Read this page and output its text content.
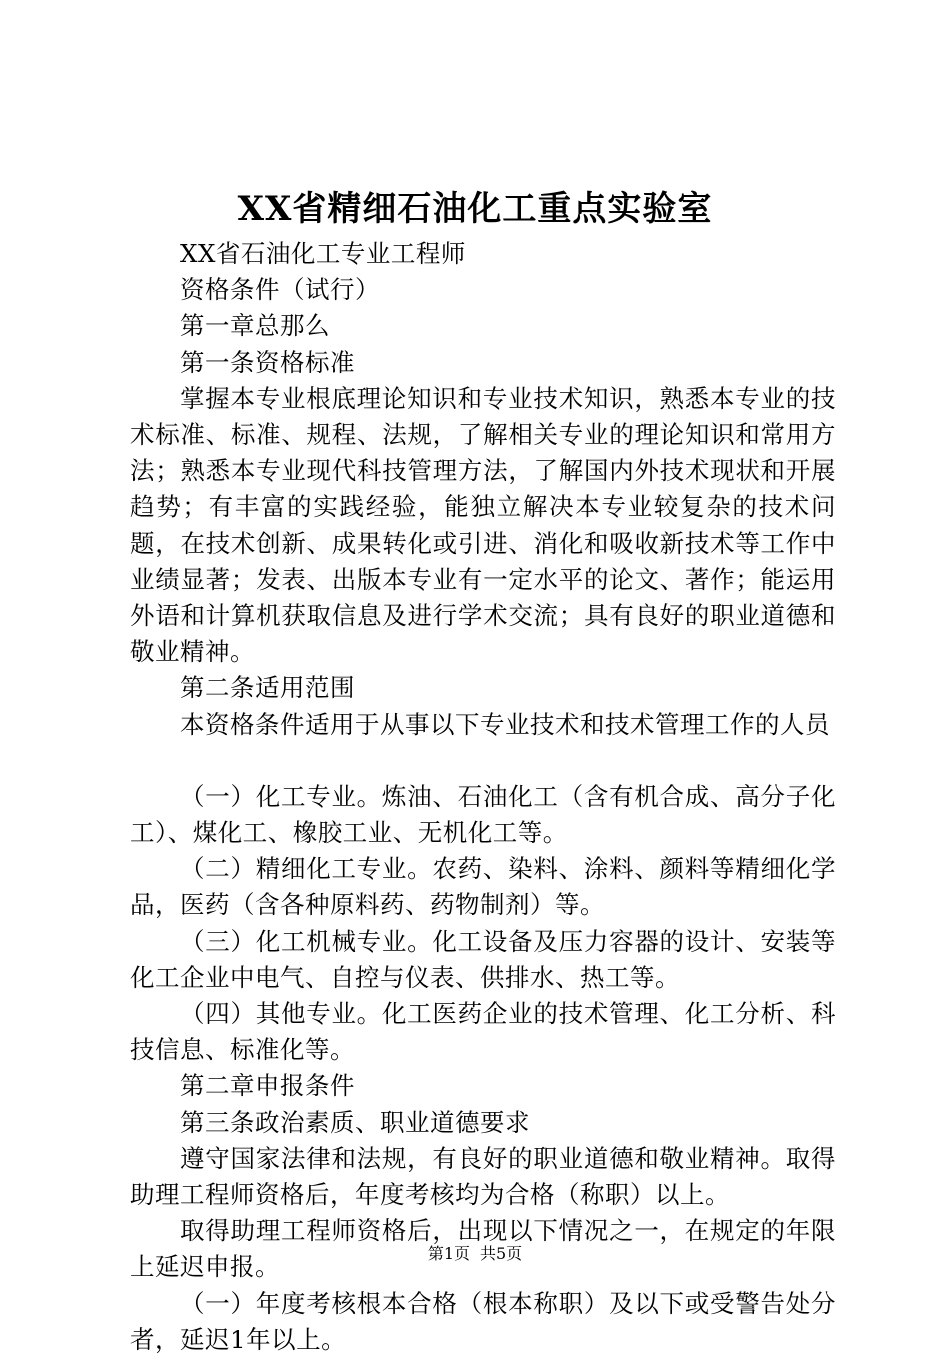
XX省精细石油化工重点实验室

XX省石油化工专业工程师

资格条件（试行）

第一章总那么

第一条资格标准

掌握本专业根底理论知识和专业技术知识，熟悉本专业的技术标准、标准、规程、法规，了解相关专业的理论知识和常用方法；熟悉本专业现代科技管理方法，了解国内外技术现状和开展趋势；有丰富的实践经验，能独立解决本专业较复杂的技术问题，在技术创新、成果转化或引进、消化和吸收新技术等工作中业绩显著；发表、出版本专业有一定水平的论文、著作；能运用外语和计算机获取信息及进行学术交流；具有良好的职业道德和敬业精神。

第二条适用范围

本资格条件适用于从事以下专业技术和技术管理工作的人员

（一）化工专业。炼油、石油化工（含有机合成、高分子化工）、煤化工、橡胶工业、无机化工等。

（二）精细化工专业。农药、染料、涂料、颜料等精细化学品，医药（含各种原料药、药物制剂）等。

（三）化工机械专业。化工设备及压力容器的设计、安装等化工企业中电气、自控与仪表、供排水、热工等。

（四）其他专业。化工医药企业的技术管理、化工分析、科技信息、标准化等。

第二章申报条件

第三条政治素质、职业道德要求

遵守国家法律和法规，有良好的职业道德和敬业精神。取得助理工程师资格后，年度考核均为合格（称职）以上。

取得助理工程师资格后，出现以下情况之一，在规定的年限上延迟申报。

（一）年度考核根本合格（根本称职）及以下或受警告处分者，延迟1年以上。

第1页 共5页
